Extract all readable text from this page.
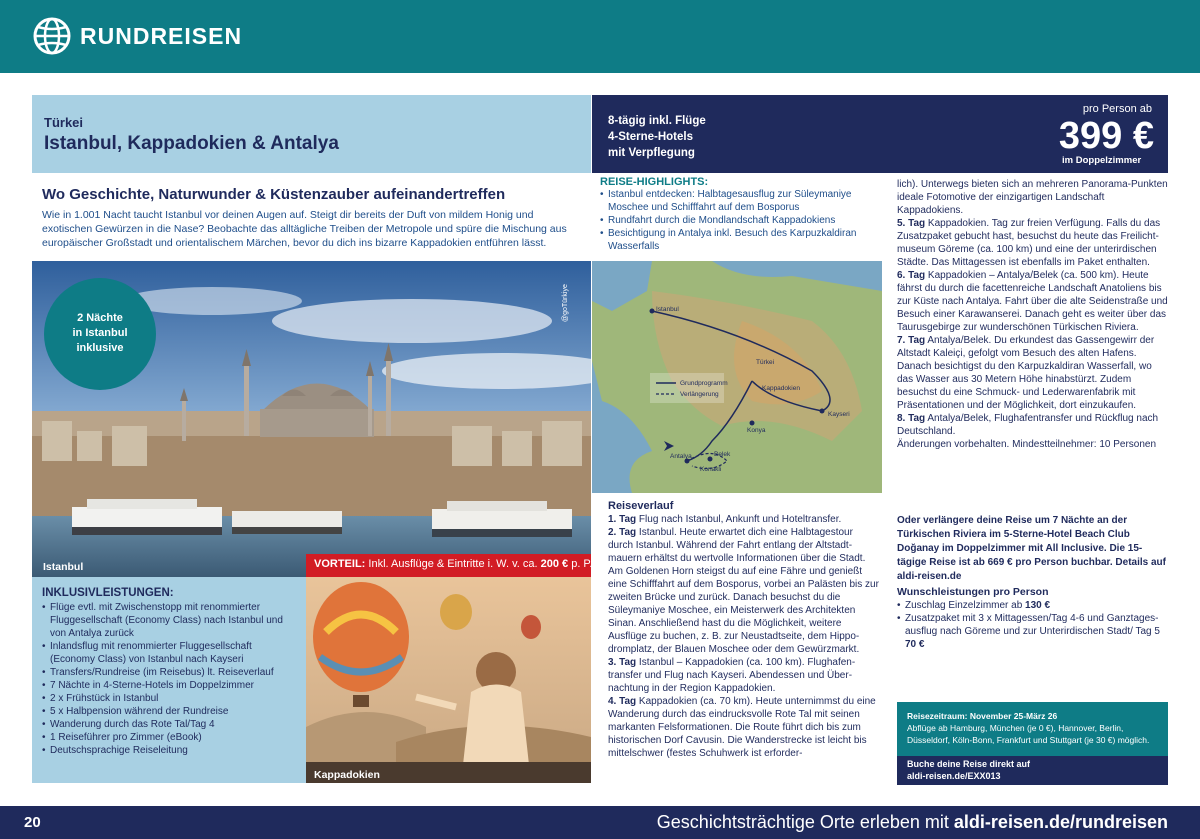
RUNDREISEN
Türkei
Istanbul, Kappadokien & Antalya
8-tägig inkl. Flüge
4-Sterne-Hotels
mit Verpflegung
pro Person ab
399 €
im Doppelzimmer
Wo Geschichte, Naturwunder & Küstenzauber aufeinandertreffen
Wie in 1.001 Nacht taucht Istanbul vor deinen Augen auf. Steigt dir bereits der Duft von mildem Honig und exotischen Gewürzen in die Nase? Beobachte das alltägliche Treiben der Metropole und spüre die Mischung aus europäischer Großstadt und orientalischem Märchen, bevor du dich ins bizarre Kappadokien entführen lässt.
2 Nächte
in Istanbul
inklusive
@goTürkiye
Istanbul	VORTEIL: Inkl. Ausflüge & Eintritte i. W. v. ca. 200 € p. P.
INKLUSIVLEISTUNGEN:
• Flüge evtl. mit Zwischenstopp mit renommierter Fluggesellschaft (Economy Class) nach Istanbul und von Antalya zurück
• Inlandsflug mit renommierter Fluggesellschaft (Economy Class) von Istanbul nach Kayseri
• Transfers/Rundreise (im Reisebus) lt. Reiseverlauf
• 7 Nächte in 4-Sterne-Hotels im Doppelzimmer
• 2 x Frühstück in Istanbul
• 5 x Halbpension während der Rundreise
• Wanderung durch das Rote Tal/Tag 4
• 1 Reiseführer pro Zimmer (eBook)
• Deutschsprachige Reiseleitung
Kappadokien
REISE-HIGHLIGHTS:
• Istanbul entdecken: Halbtagesausflug zur Süleymaniye Moschee und Schifffahrt auf dem Bosporus
• Rundfahrt durch die Mondlandschaft Kappadokiens
• Besichtigung in Antalya inkl. Besuch des Karpuzkaldiran Wasserfalls
Grundprogramm
Verlängerung
Istanbul
Türkei
Kappadokien
Kayseri
Konya
Antalya	Belek
Konakli
Reiseverlauf
1. Tag Flug nach Istanbul, Ankunft und Hoteltransfer.
2. Tag Istanbul. Heute erwartet dich eine Halbtagestour durch Istanbul. Während der Fahrt entlang der Altstadtmauern erhältst du wertvolle Informationen über die Stadt. Am Goldenen Horn steigst du auf eine Fähre und genießt eine Schifffahrt auf dem Bosporus, vorbei an Palästen bis zur zweiten Brücke und zurück. Danach besuchst du die Süleymaniye Moschee, ein Meisterwerk des Architekten Sinan. Anschließend hast du die Möglichkeit, weitere Ausflüge zu buchen, z. B. zur Neustadtseite, dem Hippodromplatz, der Blauen Moschee oder dem Gewürzmarkt.
3. Tag Istanbul – Kappadokien (ca. 100 km). Flughafentransfer und Flug nach Kayseri. Abendessen und Übernachtung in der Region Kappadokien.
4. Tag Kappadokien (ca. 70 km). Heute unternimmst du eine Wanderung durch das eindrucksvolle Rote Tal mit seinen markanten Felsformationen. Die Route führt dich bis zum historischen Dorf Cavusin. Die Wanderstrecke ist leicht bis mittelschwer (festes Schuhwerk ist erforder-
lich). Unterwegs bieten sich an mehreren Panorama-Punkten ideale Fotomotive der einzigartigen Landschaft Kappadokiens.
5. Tag Kappadokien. Tag zur freien Verfügung. Falls du das Zusatzpaket gebucht hast, besuchst du heute das Freilichtmuseum Göreme (ca. 100 km) und eine der unterirdischen Städte. Das Mittagessen ist ebenfalls im Paket enthalten.
6. Tag Kappadokien – Antalya/Belek (ca. 500 km). Heute fährst du durch die facettenreiche Landschaft Anatoliens bis zur Küste nach Antalya. Fahrt über die alte Seidenstraße und Besuch einer Karawanserei. Danach geht es weiter über das Taurusgebirge zur wunderschönen Türkischen Riviera.
7. Tag Antalya/Belek. Du erkundest das Gassengewirr der Altstadt Kaleiçi, gefolgt vom Besuch des alten Hafens. Danach besichtigst du den Karpuzkaldiran Wasserfall, wo das Wasser aus 30 Metern Höhe hinabstürzt. Zudem besuchst du eine Schmuck- und Lederwarenfabrik mit Präsentationen und der Möglichkeit, dort einzukaufen.
8. Tag Antalya/Belek, Flughafentransfer und Rückflug nach Deutschland.
Änderungen vorbehalten. Mindestteilnehmer: 10 Personen
Oder verlängere deine Reise um 7 Nächte an der Türkischen Riviera im 5-Sterne-Hotel Beach Club Doğanay im Doppelzimmer mit All Inclusive. Die 15-tägige Reise ist ab 669 € pro Person buchbar. Details auf aldi-reisen.de
Wunschleistungen pro Person
• Zuschlag Einzelzimmer ab 130 €
• Zusatzpaket mit 3 x Mittagessen/Tag 4-6 und Ganztagesausflug nach Göreme und zur Unterirdischen Stadt/ Tag 5 70 €
Reisezeitraum: November 25-März 26
Abflüge ab Hamburg, München (je 0 €), Hannover, Berlin, Düsseldorf, Köln-Bonn, Frankfurt und Stuttgart (je 30 €) möglich.
Buche deine Reise direkt auf
aldi-reisen.de/EXX013
20	Geschichtsträchtige Orte erleben mit aldi-reisen.de/rundreisen
